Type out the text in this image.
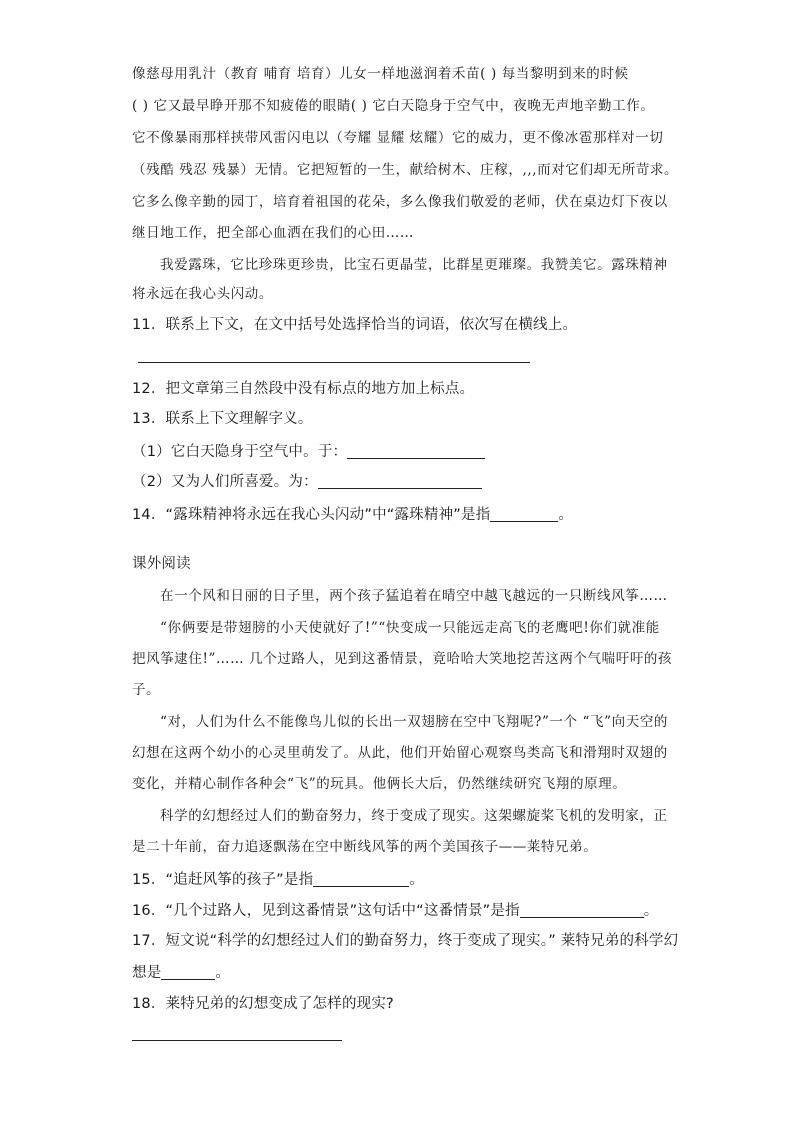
像慈母用乳汁（教育 哺育 培育）儿女一样地滋润着禾苗( ) 每当黎明到来的时候
( ) 它又最早睁开那不知疲倦的眼睛( ) 它白天隐身于空气中，夜晚无声地辛勤工作。
它不像暴雨那样挟带风雷闪电以（夸耀 显耀 炫耀）它的威力，更不像冰雹那样对一切
（残酷 残忍 残暴）无情。它把短暂的一生，献给树木、庄稼，,,,而对它们却无所苛求。
它多么像辛勤的园丁，培育着祖国的花朵，多么像我们敬爱的老师，伏在桌边灯下夜以
继日地工作，把全部心血洒在我们的心田……
我爱露珠，它比珍珠更珍贵，比宝石更晶莹，比群星更璀璨。我赞美它。露珠精神
将永远在我心头闪动。
11．联系上下文，在文中括号处选择恰当的词语，依次写在横线上。
12．把文章第三自然段中没有标点的地方加上标点。
13．联系上下文理解字义。
（1）它白天隐身于空气中。于：
（2）又为人们所喜爱。为：
14．“露珠精神将永远在我心头闪动”中“露珠精神”是指	。
课外阅读
在一个风和日丽的日子里，两个孩子猛追着在晴空中越飞越远的一只断线风筝……
“你俩要是带翅膀的小天使就好了!”“快变成一只能远走高飞的老鹰吧!你们就准能
把风筝逮住!”…… 几个过路人，见到这番情景，竟哈哈大笑地挖苦这两个气喘吁吁的孩
子。
“对，人们为什么不能像鸟儿似的长出一双翅膀在空中飞翔呢?”一个 “飞”向天空的
幻想在这两个幼小的心灵里萌发了。从此，他们开始留心观察鸟类高飞和滑翔时双翅的
变化，并精心制作各种会“飞”的玩具。他俩长大后，仍然继续研究飞翔的原理。
科学的幻想经过人们的勤奋努力，终于变成了现实。这架螺旋桨飞机的发明家，正
是二十年前，奋力追逐飘荡在空中断线风筝的两个美国孩子——莱特兄弟。
15．“追赶风筝的孩子”是指	。
16．“几个过路人，见到这番情景”这句话中“这番情景”是指	。
17．短文说“科学的幻想经过人们的勤奋努力，终于变成了现实。” 莱特兄弟的科学幻
想是	。
18．莱特兄弟的幻想变成了怎样的现实?
